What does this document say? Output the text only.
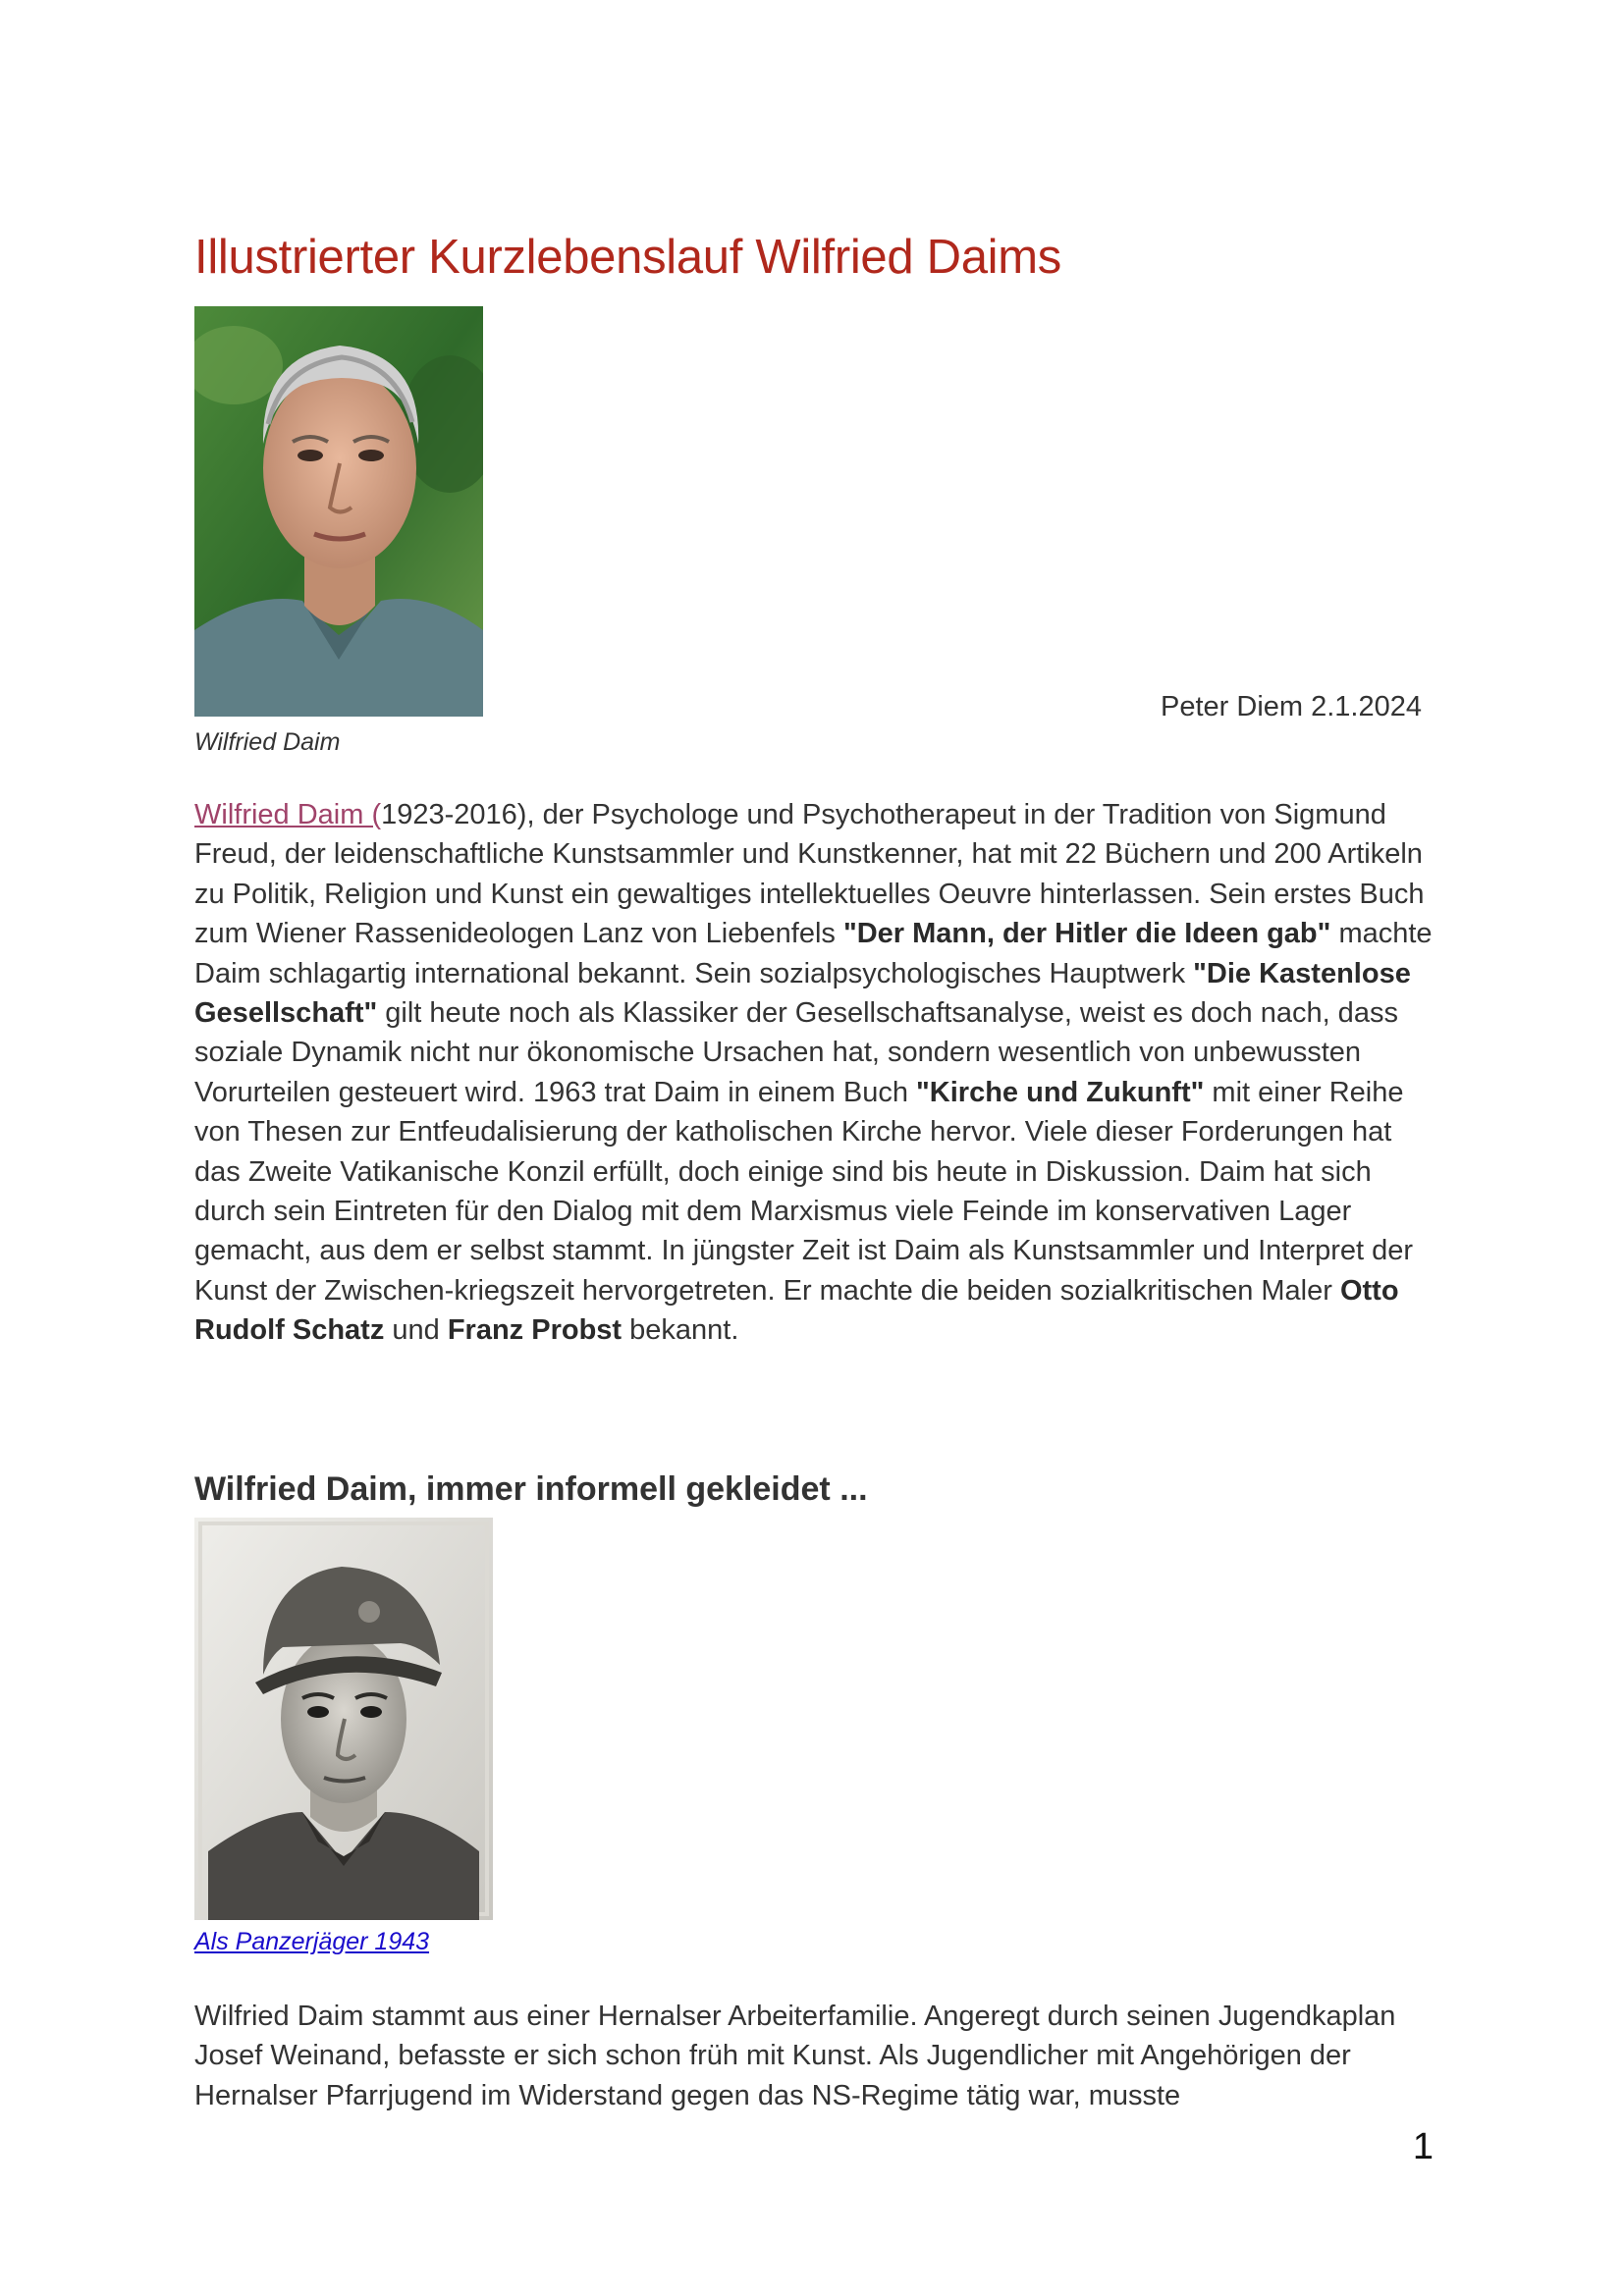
Illustrierter Kurzlebenslauf Wilfried Daims
Peter Diem 2.1.2024
Wilfried Daim

Wilfried Daim (1923-2016), der Psychologe und Psychotherapeut in der Tradition von Sigmund Freud, der leidenschaftliche Kunstsammler und Kunstkenner, hat mit 22 Büchern und 200 Artikeln zu Politik, Religion und Kunst ein gewaltiges intellektuelles Oeuvre hinterlassen. Sein erstes Buch zum Wiener Rassenideologen Lanz von Liebenfels "Der Mann, der Hitler die Ideen gab" machte Daim schlagartig international bekannt. Sein sozialpsychologisches Hauptwerk "Die Kastenlose Gesellschaft" gilt heute noch als Klassiker der Gesellschaftsanalyse, weist es doch nach, dass soziale Dynamik nicht nur ökonomische Ursachen hat, sondern wesentlich von unbewussten Vorurteilen gesteuert wird. 1963 trat Daim in einem Buch "Kirche und Zukunft" mit einer Reihe von Thesen zur Entfeudalisierung der katholischen Kirche hervor. Viele dieser Forderungen hat das Zweite Vatikanische Konzil erfüllt, doch einige sind bis heute in Diskussion. Daim hat sich durch sein Eintreten für den Dialog mit dem Marxismus viele Feinde im konservativen Lager gemacht, aus dem er selbst stammt. In jüngster Zeit ist Daim als Kunstsammler und Interpret der Kunst der Zwischen-kriegszeit hervorgetreten. Er machte die beiden sozialkritischen Maler Otto Rudolf Schatz und Franz Probst bekannt.

Wilfried Daim, immer informell gekleidet ...
Als Panzerjäger 1943

Wilfried Daim stammt aus einer Hernalser Arbeiterfamilie. Angeregt durch seinen Jugendkaplan Josef Weinand, befasste er sich schon früh mit Kunst. Als Jugendlicher mit Angehörigen der Hernalser Pfarrjugend im Widerstand gegen das NS-Regime tätig war, musste

1
